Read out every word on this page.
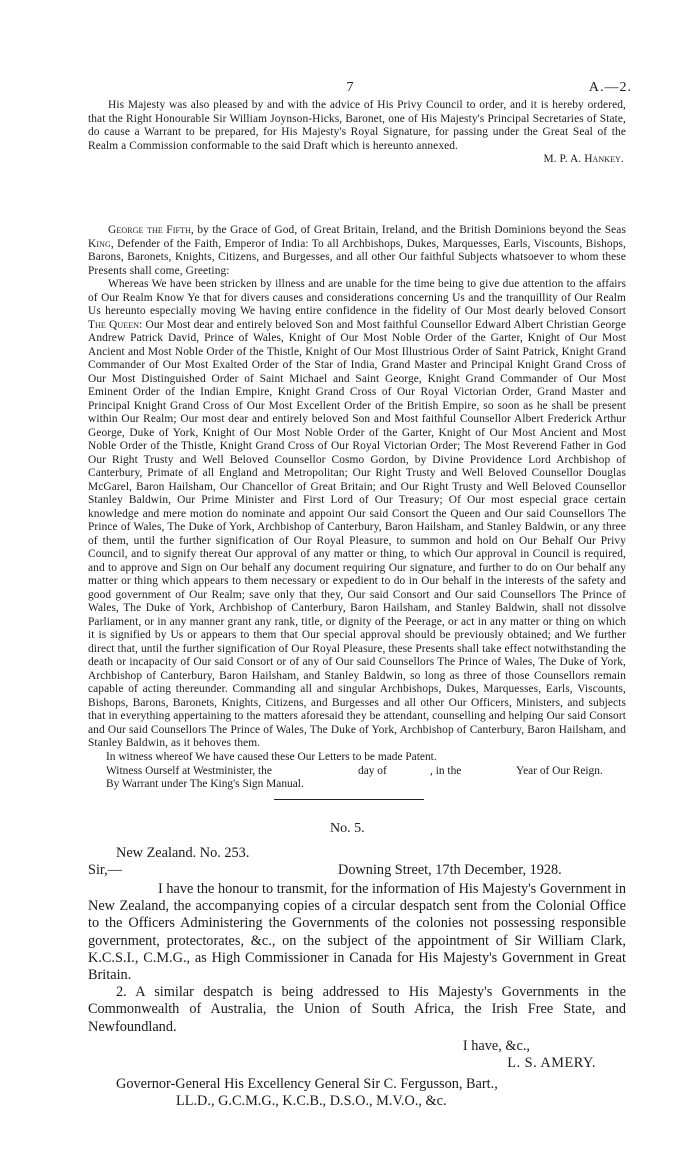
7	A.—2.

His Majesty was also pleased by and with the advice of His Privy Council to order, and it is hereby ordered, that the Right Honourable Sir William Joynson-Hicks, Baronet, one of His Majesty's Principal Secretaries of State, do cause a Warrant to be prepared, for His Majesty's Royal Signature, for passing under the Great Seal of the Realm a Commission conformable to the said Draft which is hereunto annexed.

M. P. A. Hankey.

George the Fifth, by the Grace of God, of Great Britain, Ireland, and the British Dominions beyond the Seas King, Defender of the Faith, Emperor of India: To all Archbishops, Dukes, Marquesses, Earls, Viscounts, Bishops, Barons, Baronets, Knights, Citizens, and Burgesses, and all other Our faithful Subjects whatsoever to whom these Presents shall come, Greeting:

Whereas We have been stricken by illness and are unable for the time being to give due attention to the affairs of Our Realm Know Ye that for divers causes and considerations concerning Us and the tranquillity of Our Realm Us hereunto especially moving We having entire confidence in the fidelity of Our Most dearly beloved Consort The Queen: Our Most dear and entirely beloved Son and Most faithful Counsellor Edward Albert Christian George Andrew Patrick David, Prince of Wales, Knight of Our Most Noble Order of the Garter, Knight of Our Most Ancient and Most Noble Order of the Thistle, Knight of Our Most Illustrious Order of Saint Patrick, Knight Grand Commander of Our Most Exalted Order of the Star of India, Grand Master and Principal Knight Grand Cross of Our Most Distinguished Order of Saint Michael and Saint George, Knight Grand Commander of Our Most Eminent Order of the Indian Empire, Knight Grand Cross of Our Royal Victorian Order, Grand Master and Principal Knight Grand Cross of Our Most Excellent Order of the British Empire, so soon as he shall be present within Our Realm; Our most dear and entirely beloved Son and Most faithful Counsellor Albert Frederick Arthur George, Duke of York, Knight of Our Most Noble Order of the Garter, Knight of Our Most Ancient and Most Noble Order of the Thistle, Knight Grand Cross of Our Royal Victorian Order; The Most Reverend Father in God Our Right Trusty and Well Beloved Counsellor Cosmo Gordon, by Divine Providence Lord Archbishop of Canterbury, Primate of all England and Metropolitan; Our Right Trusty and Well Beloved Counsellor Douglas McGarel, Baron Hailsham, Our Chancellor of Great Britain; and Our Right Trusty and Well Beloved Counsellor Stanley Baldwin, Our Prime Minister and First Lord of Our Treasury; Of Our most especial grace certain knowledge and mere motion do nominate and appoint Our said Consort the Queen and Our said Counsellors The Prince of Wales, The Duke of York, Archbishop of Canterbury, Baron Hailsham, and Stanley Baldwin, or any three of them, until the further signification of Our Royal Pleasure, to summon and hold on Our Behalf Our Privy Council, and to signify thereat Our approval of any matter or thing, to which Our approval in Council is required, and to approve and Sign on Our behalf any document requiring Our signature, and further to do on Our behalf any matter or thing which appears to them necessary or expedient to do in Our behalf in the interests of the safety and good government of Our Realm; save only that they, Our said Consort and Our said Counsellors The Prince of Wales, The Duke of York, Archbishop of Canterbury, Baron Hailsham, and Stanley Baldwin, shall not dissolve Parliament, or in any manner grant any rank, title, or dignity of the Peerage, or act in any matter or thing on which it is signified by Us or appears to them that Our special approval should be previously obtained; and We further direct that, until the further signification of Our Royal Pleasure, these Presents shall take effect notwithstanding the death or incapacity of Our said Consort or of any of Our said Counsellors The Prince of Wales, The Duke of York, Archbishop of Canterbury, Baron Hailsham, and Stanley Baldwin, so long as three of those Counsellors remain capable of acting thereunder. Commanding all and singular Archbishops, Dukes, Marquesses, Earls, Viscounts, Bishops, Barons, Baronets, Knights, Citizens, and Burgesses and all other Our Officers, Ministers, and subjects that in everything appertaining to the matters aforesaid they be attendant, counselling and helping Our said Consort and Our said Counsellors The Prince of Wales, The Duke of York, Archbishop of Canterbury, Baron Hailsham, and Stanley Baldwin, as it behoves them.

In witness whereof We have caused these Our Letters to be made Patent.
Witness Ourself at Westminister, the	day of	, in the	Year of Our Reign.
By Warrant under The King's Sign Manual.
No. 5.
New Zealand. No. 253.
Sir,—	Downing Street, 17th December, 1928.

I have the honour to transmit, for the information of His Majesty's Government in New Zealand, the accompanying copies of a circular despatch sent from the Colonial Office to the Officers Administering the Governments of the colonies not possessing responsible government, protectorates, &c., on the subject of the appointment of Sir William Clark, K.C.S.I., C.M.G., as High Commissioner in Canada for His Majesty's Government in Great Britain.

2. A similar despatch is being addressed to His Majesty's Governments in the Commonwealth of Australia, the Union of South Africa, the Irish Free State, and Newfoundland.

I have, &c.,
L. S. AMERY.
Governor-General His Excellency General Sir C. Fergusson, Bart.,
LL.D., G.C.M.G., K.C.B., D.S.O., M.V.O., &c.
